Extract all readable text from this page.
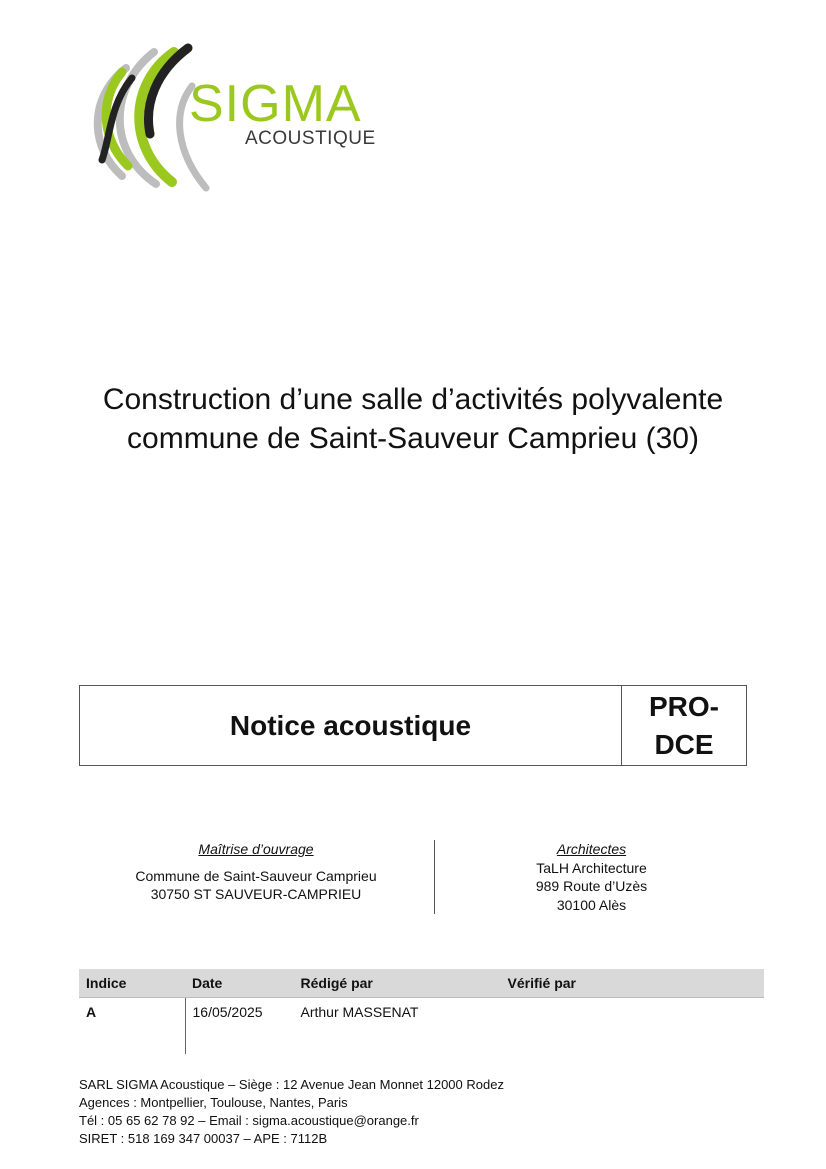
SIGMA
ACOUSTIQUE
Construction d’une salle d’activités polyvalente
commune de Saint-Sauveur Camprieu (30)
Notice acoustique
PRO-
DCE
Maîtrise d’ouvrage
Commune de Saint-Sauveur Camprieu
30750 ST SAUVEUR-CAMPRIEU
Architectes
TaLH Architecture
989 Route d’Uzès
30100 Alès
Indice	Date	Rédigé par	Vérifié par
A	16/05/2025	Arthur MASSENAT	
SARL SIGMA Acoustique – Siège : 12 Avenue Jean Monnet 12000 Rodez
Agences : Montpellier, Toulouse, Nantes, Paris
Tél : 05 65 62 78 92 – Email : sigma.acoustique@orange.fr
SIRET : 518 169 347 00037 – APE : 7112B
